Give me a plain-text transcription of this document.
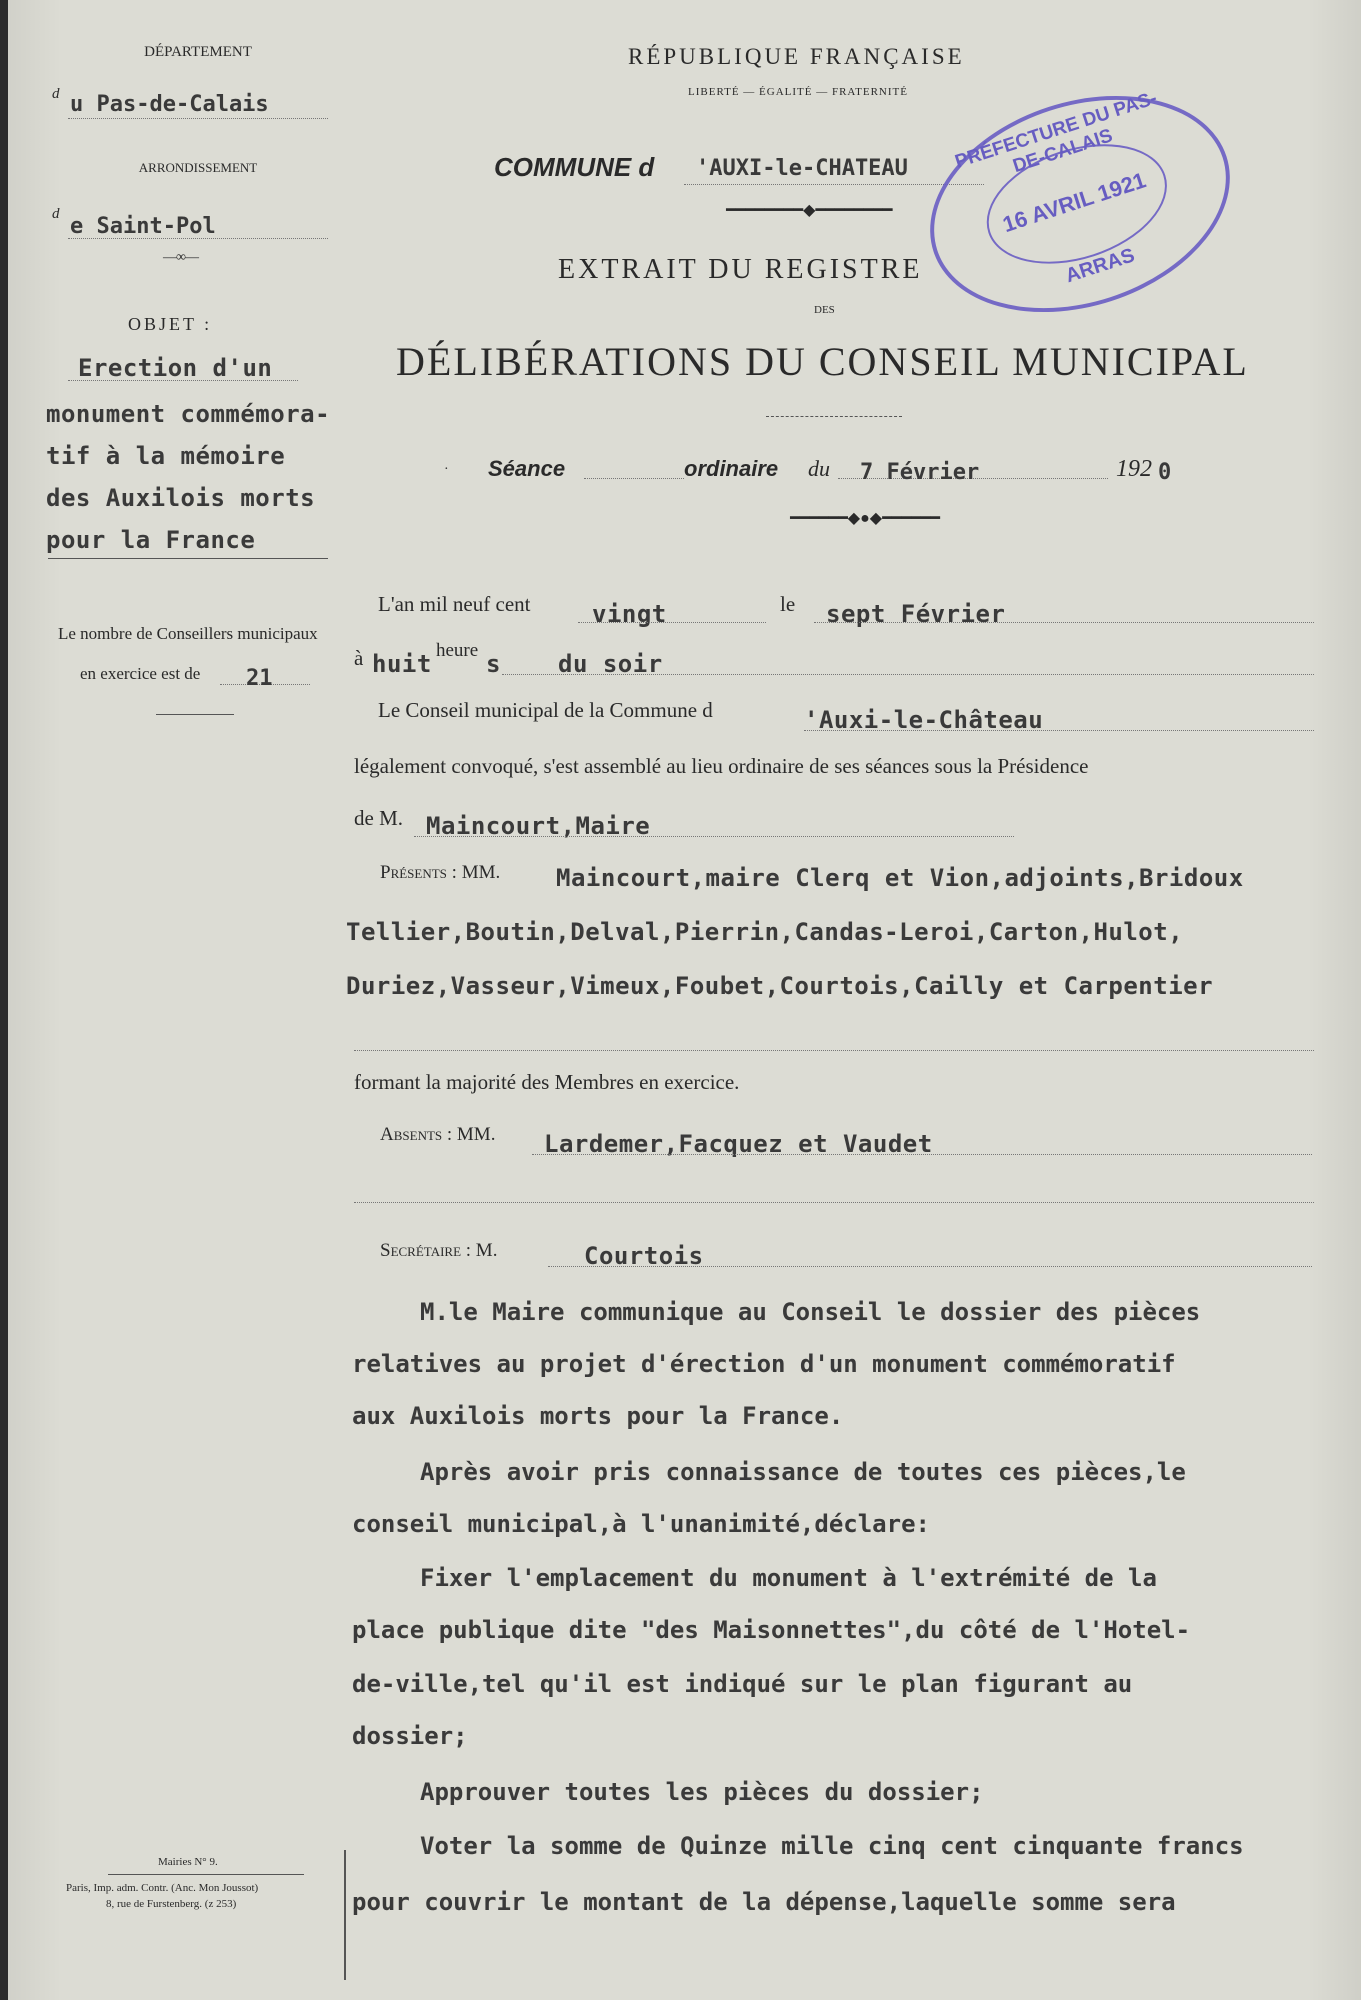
DÉPARTEMENT
d u Pas-de-Calais
ARRONDISSEMENT
d e Saint-Pol
—∞—
OBJET :
Erection d'un
monument commémora-
tif à la mémoire
des Auxilois morts
pour la France
Le nombre de Conseillers municipaux
en exercice est de 21
RÉPUBLIQUE FRANÇAISE
LIBERTÉ — ÉGALITÉ — FRATERNITÉ
COMMUNE d 'AUXI-le-CHATEAU
━━━━━━━━◆━━━━━━━━
EXTRAIT DU REGISTRE
DES
DÉLIBÉRATIONS DU CONSEIL MUNICIPAL
Séance	ordinaire du 7 Février	192 0
━━━━━━◆●◆━━━━━━
·
PRÉFECTURE DU PAS-DE-CALAIS
16 AVRIL 1921
ARRAS
L'an mil neuf cent	vingt	le sept Février
à huit heure s du soir
Le Conseil municipal de la Commune d	'Auxi-le-Château
légalement convoqué, s'est assemblé au lieu ordinaire de ses séances sous la Présidence
de M. Maincourt,Maire
Présents : MM. Maincourt,maire Clerq et Vion,adjoints,Bridoux
Tellier,Boutin,Delval,Pierrin,Candas-Leroi,Carton,Hulot,
Duriez,Vasseur,Vimeux,Foubet,Courtois,Cailly et Carpentier
formant la majorité des Membres en exercice.
Absents : MM. Lardemer,Facquez et Vaudet
Secrétaire : M.	Courtois
M.le Maire communique au Conseil le dossier des pièces
relatives au projet d'érection d'un monument commémoratif
aux Auxilois morts pour la France.
Après avoir pris connaissance de toutes ces pièces,le
conseil municipal,à l'unanimité,déclare:
Fixer l'emplacement du monument à l'extrémité de la
place publique dite "des Maisonnettes",du côté de l'Hotel-
de-ville,tel qu'il est indiqué sur le plan figurant au
dossier;
Approuver toutes les pièces du dossier;
Voter la somme de Quinze mille cinq cent cinquante francs
pour couvrir le montant de la dépense,laquelle somme sera
Mairies N° 9.
Paris, Imp. adm. Contr. (Anc. Mon Joussot)
8, rue de Furstenberg. (z 253)
